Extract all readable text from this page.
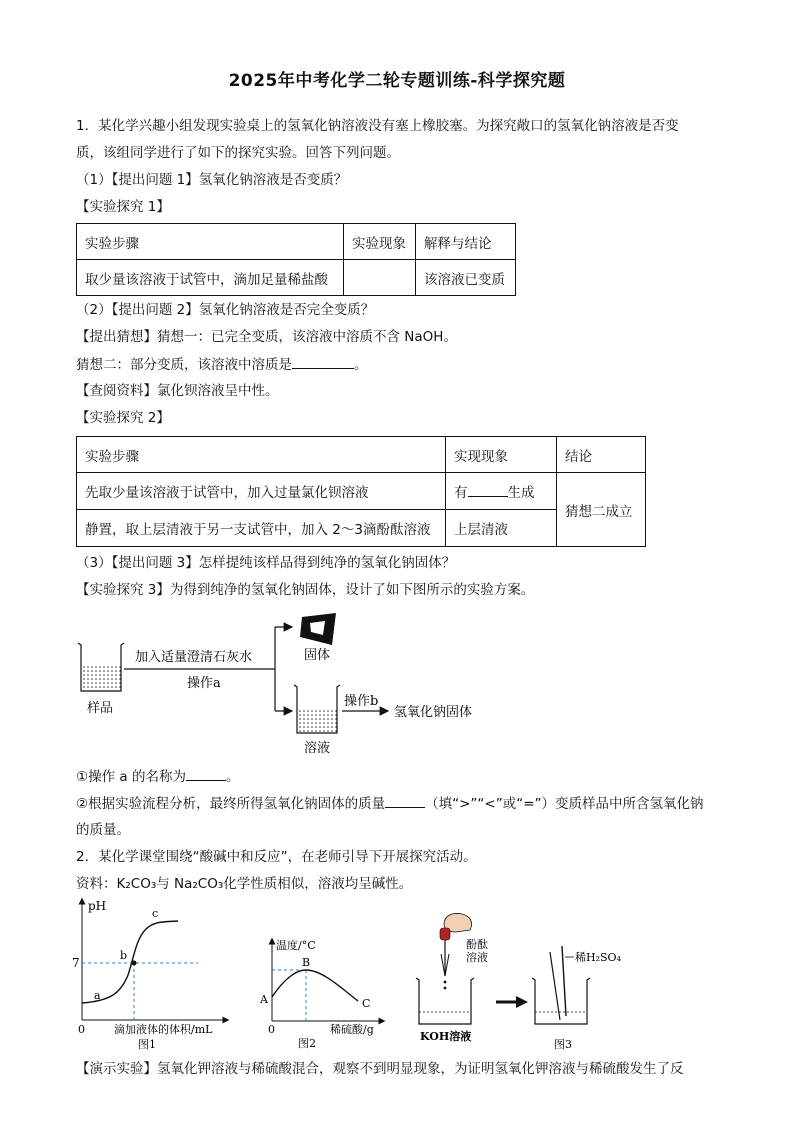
2025年中考化学二轮专题训练-科学探究题
1．某化学兴趣小组发现实验桌上的氢氧化钠溶液没有塞上橡胶塞。为探究敞口的氢氧化钠溶液是否变
质，该组同学进行了如下的探究实验。回答下列问题。
（1）【提出问题 1】氢氧化钠溶液是否变质？
【实验探究 1】
实验步骤	实验现象	解释与结论
取少量该溶液于试管中，滴加足量稀盐酸		该溶液已变质
（2）【提出问题 2】氢氧化钠溶液是否完全变质？
【提出猜想】猜想一：已完全变质，该溶液中溶质不含 NaOH。
猜想二：部分变质，该溶液中溶质是	。
【查阅资料】氯化钡溶液呈中性。
【实验探究 2】
实验步骤	实现现象	结论
先取少量该溶液于试管中，加入过量氯化钡溶液	有 生成	猜想二成立
静置，取上层清液于另一支试管中，加入 2～3滴酚酞溶液	上层清液	
（3）【提出问题 3】怎样提纯该样品得到纯净的氢氧化钠固体？
【实验探究 3】为得到纯净的氢氧化钠固体，设计了如下图所示的实验方案。
样品
加入适量澄清石灰水
操作a
固体
溶液
操作b
氢氧化钠固体
①操作 a 的名称为	。
②根据实验流程分析，最终所得氢氧化钠固体的质量	（填“>”“<”或“=”）变质样品中所含氢氧化钠
的质量。
2．某化学课堂围绕“酸碱中和反应”，在老师引导下开展探究活动。
资料：K₂CO₃与 Na₂CO₃化学性质相似，溶液均呈碱性。
pH
7
a
b
c
0	滴加液体的体积/mL
图1
温度/°C
A
B
C
0	稀硫酸/g
图2
酚酞
溶液
KOH溶液
稀H₂SO₄
图3
【演示实验】氢氧化钾溶液与稀硫酸混合，观察不到明显现象，为证明氢氧化钾溶液与稀硫酸发生了反
